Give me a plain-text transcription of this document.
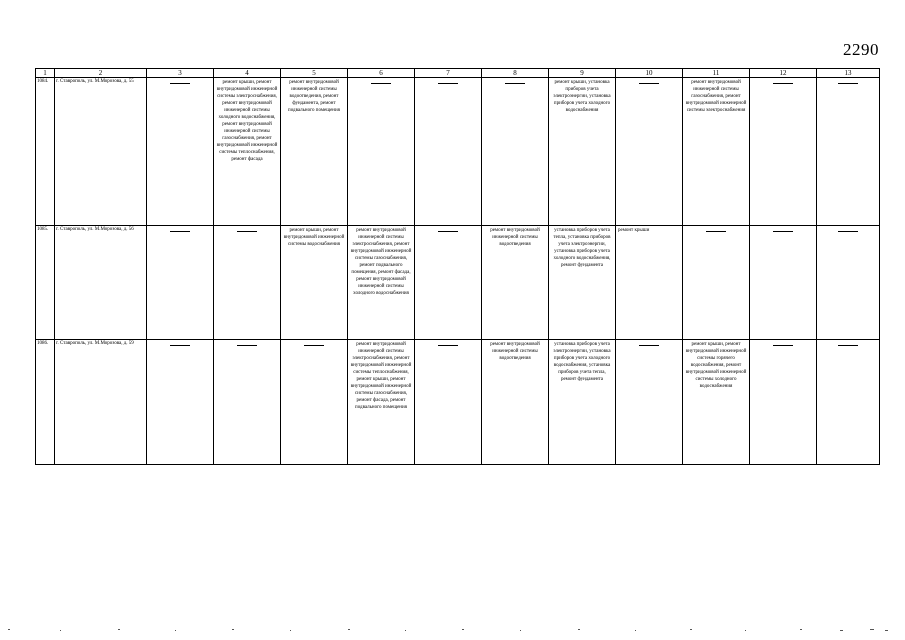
2290
1	2	3	4	5	6	7	8	9	10	11	12	13
1084.	г. Ставрополь, ул. М.Морозова, д. 55		ремонт крыши, ремонт внутридомовой инженерной системы электроснабжения, ремонт внутридомовой инженерной системы холодного водоснабжения, ремонт внутридомовой инженерной системы газоснабжения, ремонт внутридомовой инженерной системы теплоснабжения, ремонт фасада	ремонт внутридомовой инженерной системы водоотведения, ремонт фундамента, ремонт подвального помещения				ремонт крыши, установка приборов учета электроэнергии, установка приборов учета холодного водоснабжения		ремонт внутридомовой инженерной системы газоснабжения, ремонт внутридомовой инженерной системы электроснабжения		

1085.	г. Ставрополь, ул. М.Морозова, д. 56			ремонт крыши, ремонт внутридомовой инженерной системы водоснабжения	ремонт внутридомовой инженерной системы электроснабжения, ремонт внутридомовой инженерной системы газоснабжения, ремонт подвального помещения, ремонт фасада, ремонт внутридомовой инженерной системы холодного водоснабжения		ремонт внутридомовой инженерной системы водоотведения	установка приборов учета тепла, установка приборов учета электроэнергии, установка приборов учета холодного водоснабжения, ремонт фундамента	ремонт крыши			

1086.	г. Ставрополь, ул. М.Морозова, д. 59				ремонт внутридомовой инженерной системы электроснабжения, ремонт внутридомовой инженерной системы теплоснабжения, ремонт крыши, ремонт внутридомовой инженерной системы газоснабжения, ремонт фасада, ремонт подвального помещения		ремонт внутридомовой инженерной системы водоотведения	установка приборов учета электроэнергии, установка приборов учета холодного водоснабжения, установка приборов учета тепла, ремонт фундамента		ремонт крыши, ремонт внутридомовой инженерной системы горячего водоснабжения, ремонт внутридомовой инженерной системы холодного водоснабжения		
